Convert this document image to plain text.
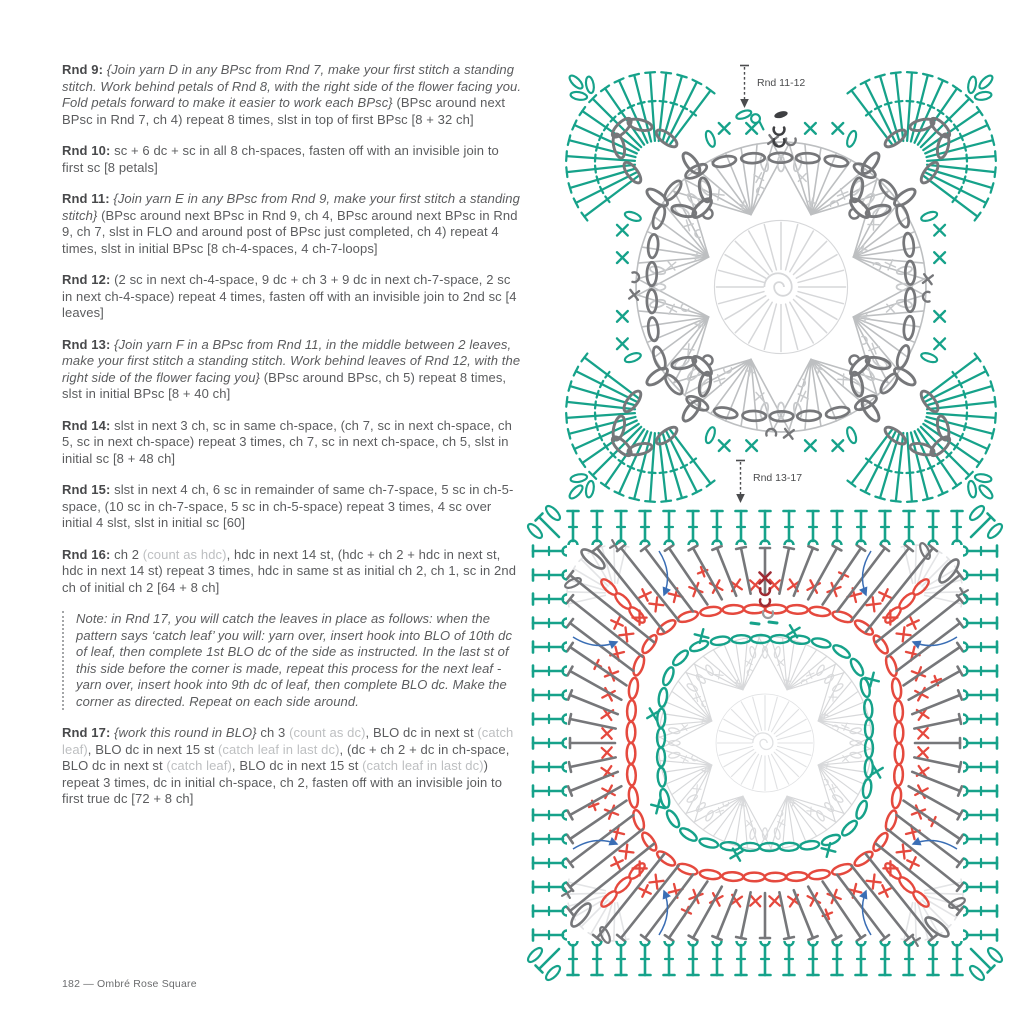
Rnd 9: {Join yarn D in any BPsc from Rnd 7, make your first stitch a standing stitch. Work behind petals of Rnd 8, with the right side of the flower facing you. Fold petals forward to make it easier to work each BPsc} (BPsc around next BPsc in Rnd 7, ch 4) repeat 8 times, slst in top of first BPsc [8 + 32 ch]

Rnd 10: sc + 6 dc + sc in all 8 ch-spaces, fasten off with an invisible join to first sc [8 petals]

Rnd 11: {Join yarn E in any BPsc from Rnd 9, make your first stitch a standing stitch} (BPsc around next BPsc in Rnd 9, ch 4, BPsc around next BPsc in Rnd 9, ch 7, slst in FLO and around post of BPsc just completed, ch 4) repeat 4 times, slst in initial BPsc [8 ch-4-spaces, 4 ch-7-loops]

Rnd 12: (2 sc in next ch-4-space, 9 dc + ch 3 + 9 dc in next ch-7-space, 2 sc in next ch-4-space) repeat 4 times, fasten off with an invisible join to 2nd sc [4 leaves]

Rnd 13: {Join yarn F in a BPsc from Rnd 11, in the middle between 2 leaves, make your first stitch a standing stitch. Work behind leaves of Rnd 12, with the right side of the flower facing you} (BPsc around BPsc, ch 5) repeat 8 times, slst in initial BPsc [8 + 40 ch]

Rnd 14: slst in next 3 ch, sc in same ch-space, (ch 7, sc in next ch-space, ch 5, sc in next ch-space) repeat 3 times, ch 7, sc in next ch-space, ch 5, slst in initial sc [8 + 48 ch]

Rnd 15: slst in next 4 ch, 6 sc in remainder of same ch-7-space, 5 sc in ch-5-space, (10 sc in ch-7-space, 5 sc in ch-5-space) repeat 3 times, 4 sc over initial 4 slst, slst in initial sc [60]

Rnd 16: ch 2 (count as hdc), hdc in next 14 st, (hdc + ch 2 + hdc in next st, hdc in next 14 st) repeat 3 times, hdc in same st as initial ch 2, ch 1, sc in 2nd ch of initial ch 2 [64 + 8 ch]

Note: in Rnd 17, you will catch the leaves in place as follows: when the pattern says ‘catch leaf’ you will: yarn over, insert hook into BLO of 10th dc of leaf, then complete 1st BLO dc of the side as instructed. In the last st of this side before the corner is made, repeat this process for the next leaf - yarn over, insert hook into 9th dc of leaf, then complete BLO dc. Make the corner as directed. Repeat on each side around.

Rnd 17: {work this round in BLO} ch 3 (count as dc), BLO dc in next st (catch leaf), BLO dc in next 15 st (catch leaf in last dc), (dc + ch 2 + dc in ch-space, BLO dc in next st (catch leaf), BLO dc in next 15 st (catch leaf in last dc)) repeat 3 times, dc in initial ch-space, ch 2, fasten off with an invisible join to first true dc [72 + 8 ch]

Rnd 11-12
Rnd 13-17
182 — Ombré Rose Square
